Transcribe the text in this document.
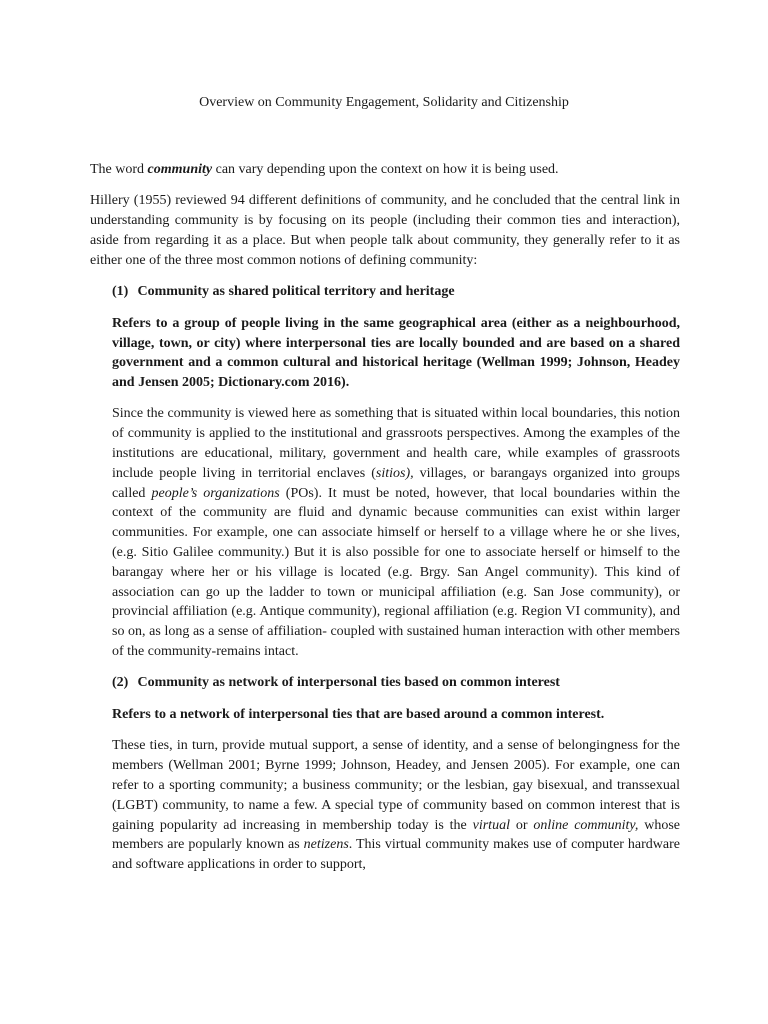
Overview on Community Engagement, Solidarity and Citizenship

The word community can vary depending upon the context on how it is being used.

Hillery (1955) reviewed 94 different definitions of community, and he concluded that the central link in understanding community is by focusing on its people (including their common ties and interaction), aside from regarding it as a place. But when people talk about community, they generally refer to it as either one of the three most common notions of defining community:

(1) Community as shared political territory and heritage

Refers to a group of people living in the same geographical area (either as a neighbourhood, village, town, or city) where interpersonal ties are locally bounded and are based on a shared government and a common cultural and historical heritage (Wellman 1999; Johnson, Headey and Jensen 2005; Dictionary.com 2016).

Since the community is viewed here as something that is situated within local boundaries, this notion of community is applied to the institutional and grassroots perspectives. Among the examples of the institutions are educational, military, government and health care, while examples of grassroots include people living in territorial enclaves (sitios), villages, or barangays organized into groups called people’s organizations (POs). It must be noted, however, that local boundaries within the context of the community are fluid and dynamic because communities can exist within larger communities. For example, one can associate himself or herself to a village where he or she lives, (e.g. Sitio Galilee community.) But it is also possible for one to associate herself or himself to the barangay where her or his village is located (e.g. Brgy. San Angel community). This kind of association can go up the ladder to town or municipal affiliation (e.g. San Jose community), or provincial affiliation (e.g. Antique community), regional affiliation (e.g. Region VI community), and so on, as long as a sense of affiliation- coupled with sustained human interaction with other members of the community-remains intact.

(2) Community as network of interpersonal ties based on common interest

Refers to a network of interpersonal ties that are based around a common interest.

These ties, in turn, provide mutual support, a sense of identity, and a sense of belongingness for the members (Wellman 2001; Byrne 1999; Johnson, Headey, and Jensen 2005). For example, one can refer to a sporting community; a business community; or the lesbian, gay bisexual, and transsexual (LGBT) community, to name a few. A special type of community based on common interest that is gaining popularity ad increasing in membership today is the virtual or online community, whose members are popularly known as netizens. This virtual community makes use of computer hardware and software applications in order to support,
